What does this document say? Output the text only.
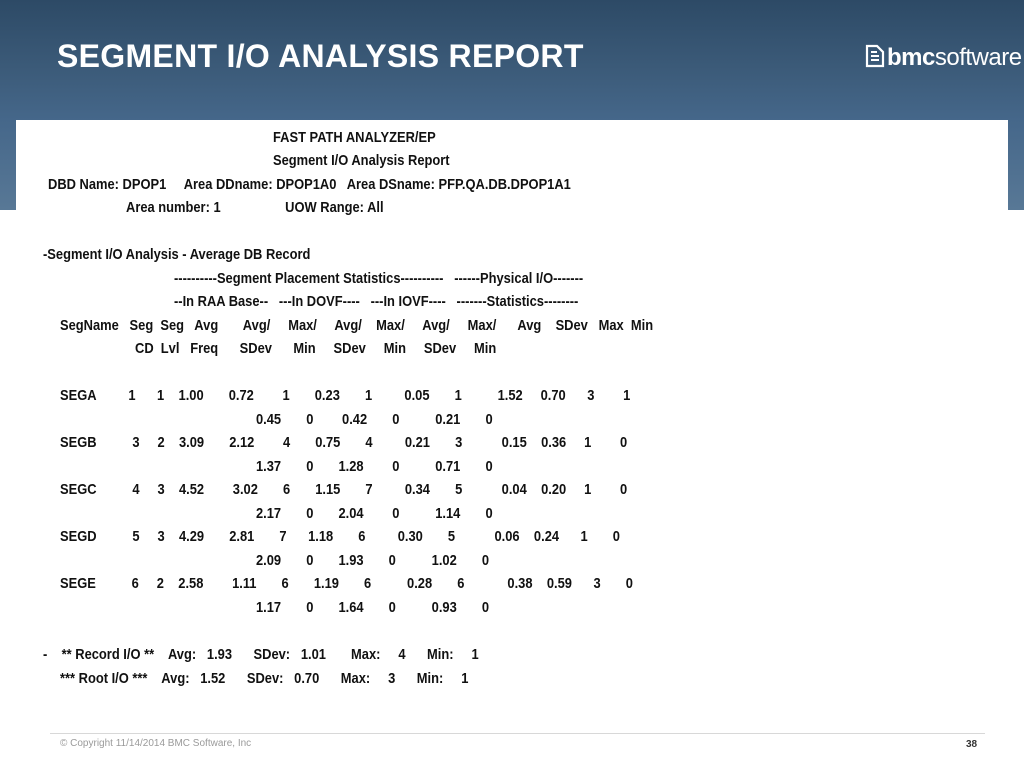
SEGMENT I/O ANALYSIS REPORT	bmcsoftware
FAST PATH ANALYZER/EP
Segment I/O Analysis Report
DBD Name: DPOP1     Area DDname: DPOP1A0   Area DSname: PFP.QA.DB.DPOP1A1
Area number: 1                  UOW Range: All
-Segment I/O Analysis - Average DB Record
----------Segment Placement Statistics----------   ------Physical I/O-------
--In RAA Base--   ---In DOVF----   ---In IOVF----   -------Statistics--------
SegName   Seg  Seg   Avg       Avg/     Max/     Avg/    Max/     Avg/     Max/      Avg    SDev   Max  Min
CD  Lvl   Freq      SDev      Min     SDev     Min     SDev     Min
SEGA         1      1    1.00       0.72        1       0.23       1         0.05       1          1.52     0.70      3        1
0.45       0        0.42       0          0.21       0
SEGB          3     2    3.09       2.12        4       0.75       4         0.21       3           0.15    0.36     1        0
1.37       0       1.28        0          0.71       0
SEGC          4     3    4.52        3.02       6       1.15       7         0.34       5           0.04    0.20     1        0
2.17       0       2.04        0          1.14       0
SEGD          5     3    4.29       2.81       7      1.18       6         0.30       5           0.06    0.24      1       0
2.09       0       1.93       0          1.02       0
SEGE          6     2    2.58        1.11       6       1.19       6          0.28       6            0.38    0.59      3       0
1.17       0       1.64       0          0.93       0
-    ** Record I/O **    Avg:   1.93      SDev:   1.01       Max:     4      Min:     1
*** Root I/O ***    Avg:   1.52      SDev:   0.70      Max:     3      Min:     1
© Copyright 11/14/2014 BMC Software, Inc	38
